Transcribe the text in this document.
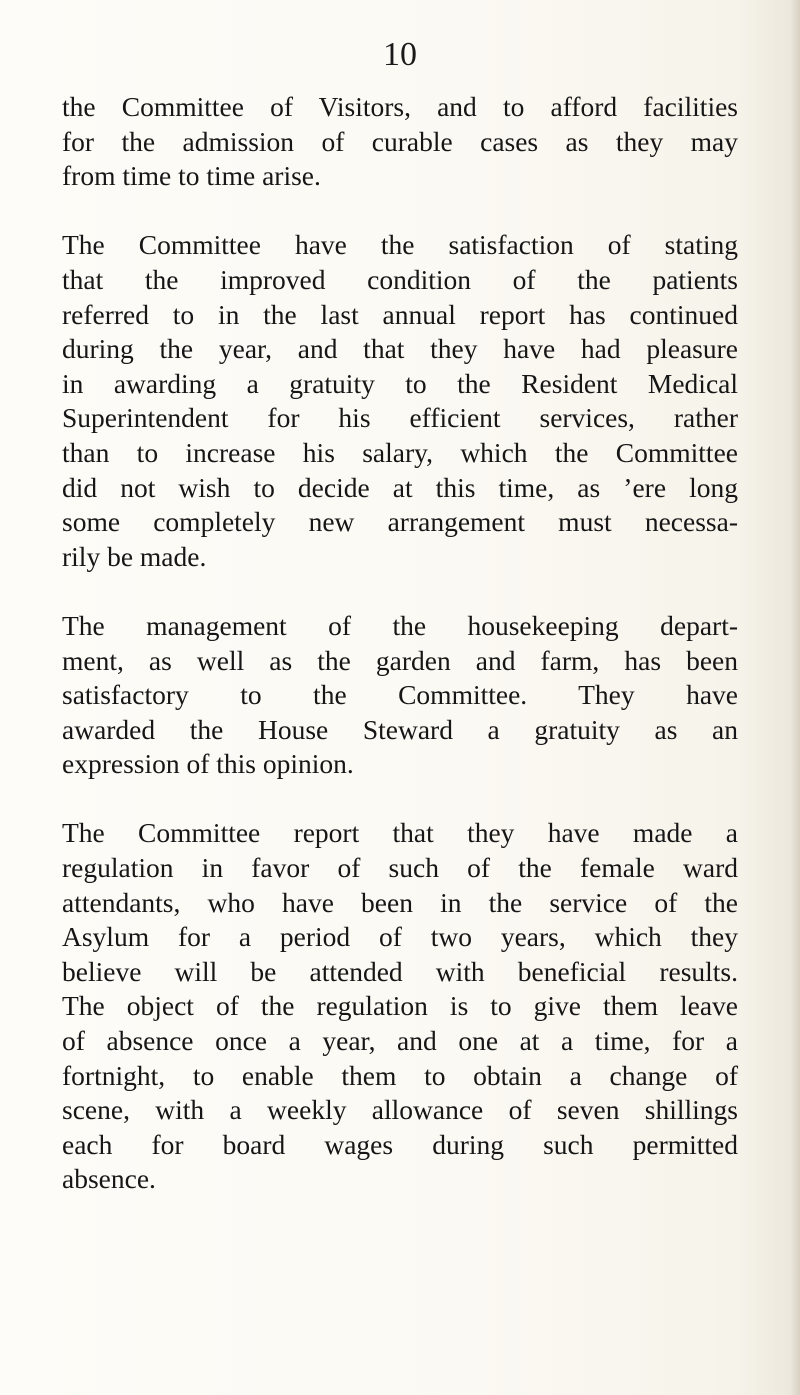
10
the Committee of Visitors, and to afford facilities
for the admission of curable cases as they may
from time to time arise.
The Committee have the satisfaction of stating
that the improved condition of the patients
referred to in the last annual report has continued
during the year, and that they have had pleasure
in awarding a gratuity to the Resident Medical
Superintendent for his efficient services, rather
than to increase his salary, which the Committee
did not wish to decide at this time, as ’ere long
some completely new arrangement must necessa-
rily be made.
The management of the housekeeping depart-
ment, as well as the garden and farm, has been
satisfactory to the Committee. They have
awarded the House Steward a gratuity as an
expression of this opinion.
The Committee report that they have made a
regulation in favor of such of the female ward
attendants, who have been in the service of the
Asylum for a period of two years, which they
believe will be attended with beneficial results.
The object of the regulation is to give them leave
of absence once a year, and one at a time, for a
fortnight, to enable them to obtain a change of
scene, with a weekly allowance of seven shillings
each for board wages during such permitted
absence.
